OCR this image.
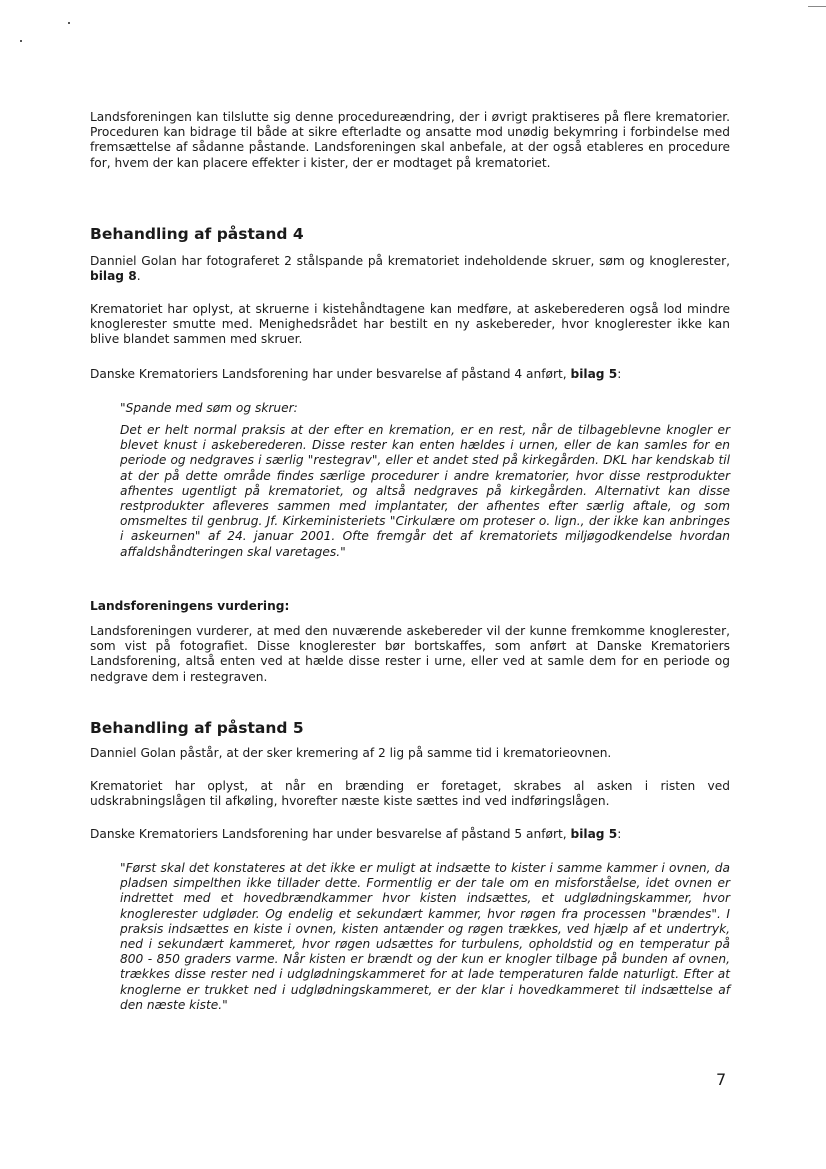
Landsforeningen kan tilslutte sig denne procedureændring, der i øvrigt praktiseres på flere krematorier. Proceduren kan bidrage til både at sikre efterladte og ansatte mod unødig bekymring i forbindelse med fremsættelse af sådanne påstande. Landsforeningen skal anbefale, at der også etableres en procedure for, hvem der kan placere effekter i kister, der er modtaget på krematoriet.

Behandling af påstand 4

Danniel Golan har fotograferet 2 stålspande på krematoriet indeholdende skruer, søm og knoglerester, bilag 8.

Krematoriet har oplyst, at skruerne i kistehåndtagene kan medføre, at askeberederen også lod mindre knoglerester smutte med. Menighedsrådet har bestilt en ny askebereder, hvor knoglerester ikke kan blive blandet sammen med skruer.

Danske Krematoriers Landsforening har under besvarelse af påstand 4 anført, bilag 5:

"Spande med søm og skruer:

Det er helt normal praksis at der efter en kremation, er en rest, når de tilbageblevne knogler er blevet knust i askeberederen. Disse rester kan enten hældes i urnen, eller de kan samles for en periode og nedgraves i særlig "restegrav", eller et andet sted på kirkegården. DKL har kendskab til at der på dette område findes særlige procedurer i andre krematorier, hvor disse restprodukter afhentes ugentligt på krematoriet, og altså nedgraves på kirkegården. Alternativt kan disse restprodukter afleveres sammen med implantater, der afhentes efter særlig aftale, og som omsmeltes til genbrug. Jf. Kirkeministeriets "Cirkulære om proteser o. lign., der ikke kan anbringes i askeurnen" af 24. januar 2001. Ofte fremgår det af krematoriets miljøgodkendelse hvordan affaldshåndteringen skal varetages."

Landsforeningens vurdering:

Landsforeningen vurderer, at med den nuværende askebereder vil der kunne fremkomme knoglerester, som vist på fotografiet. Disse knoglerester bør bortskaffes, som anført at Danske Krematoriers Landsforening, altså enten ved at hælde disse rester i urne, eller ved at samle dem for en periode og nedgrave dem i restegraven.

Behandling af påstand 5

Danniel Golan påstår, at der sker kremering af 2 lig på samme tid i krematorieovnen.

Krematoriet har oplyst, at når en brænding er foretaget, skrabes al asken i risten ved udskrabningslågen til afkøling, hvorefter næste kiste sættes ind ved indføringslågen.

Danske Krematoriers Landsforening har under besvarelse af påstand 5 anført, bilag 5:

"Først skal det konstateres at det ikke er muligt at indsætte to kister i samme kammer i ovnen, da pladsen simpelthen ikke tillader dette. Formentlig er der tale om en misforståelse, idet ovnen er indrettet med et hovedbrændkammer hvor kisten indsættes, et udglødningskammer, hvor knoglerester udgløder. Og endelig et sekundært kammer, hvor røgen fra processen "brændes". I praksis indsættes en kiste i ovnen, kisten antænder og røgen trækkes, ved hjælp af et undertryk, ned i sekundært kammeret, hvor røgen udsættes for turbulens, opholdstid og en temperatur på 800 - 850 graders varme. Når kisten er brændt og der kun er knogler tilbage på bunden af ovnen, trækkes disse rester ned i udglødningskammeret for at lade temperaturen falde naturligt. Efter at knoglerne er trukket ned i udglødningskammeret, er der klar i hovedkammeret til indsættelse af den næste kiste."

7
